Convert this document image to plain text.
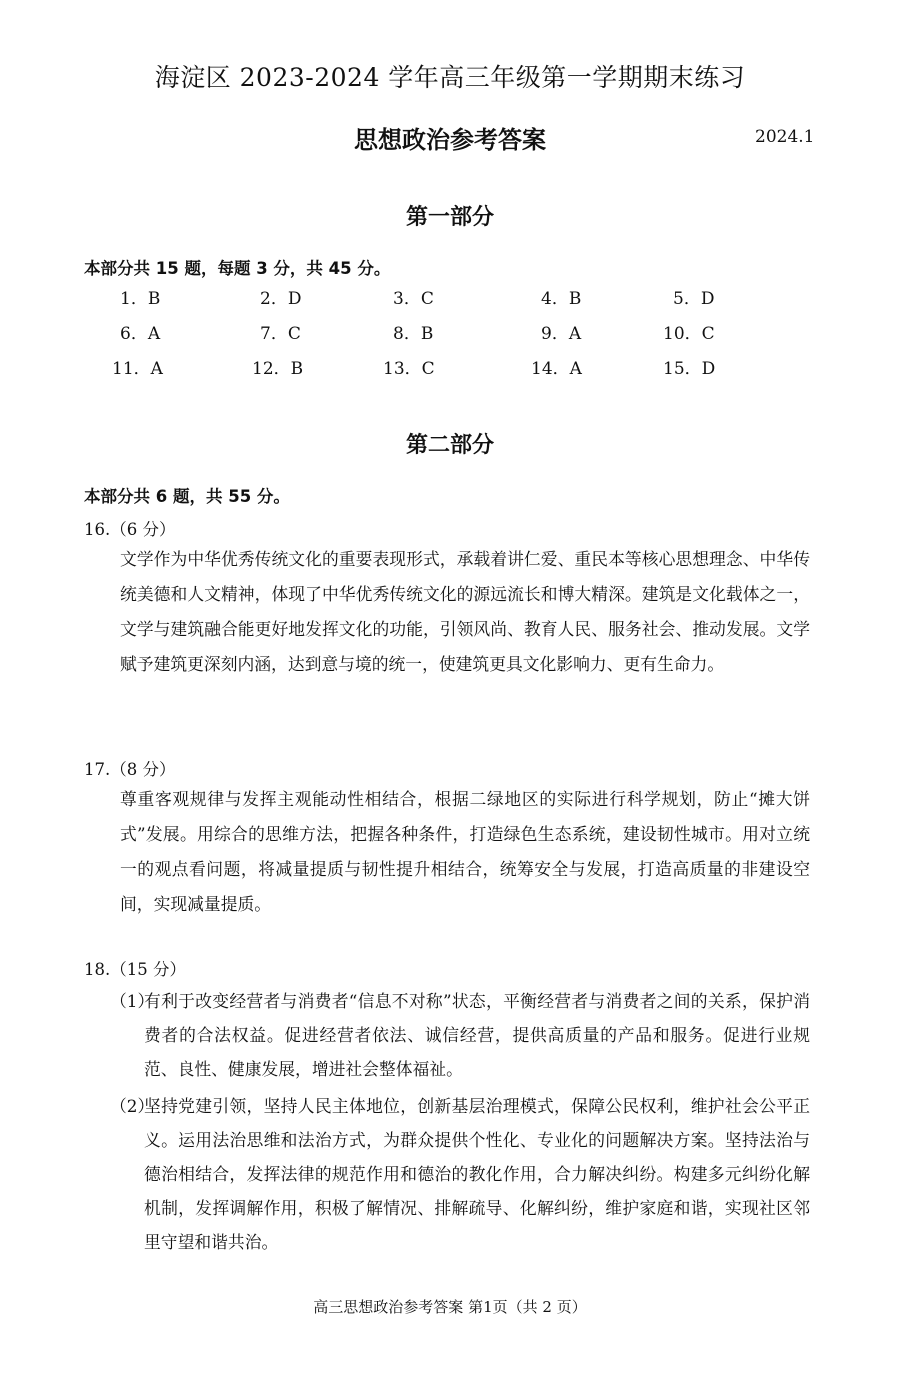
海淀区 2023-2024 学年高三年级第一学期期末练习
思想政治参考答案	2024.1
第一部分
本部分共 15 题，每题 3 分，共 45 分。
1．B	2．D	3．C	4．B	5．D
6．A	7．C	8．B	9．A	10．C
11．A	12．B	13．C	14．A	15．D
第二部分
本部分共 6 题，共 55 分。
16.（6 分）
文学作为中华优秀传统文化的重要表现形式，承载着讲仁爱、重民本等核心思想理念、中华传统美德和人文精神，体现了中华优秀传统文化的源远流长和博大精深。建筑是文化载体之一，文学与建筑融合能更好地发挥文化的功能，引领风尚、教育人民、服务社会、推动发展。文学赋予建筑更深刻内涵，达到意与境的统一，使建筑更具文化影响力、更有生命力。
17.（8 分）
尊重客观规律与发挥主观能动性相结合，根据二绿地区的实际进行科学规划，防止“摊大饼式”发展。用综合的思维方法，把握各种条件，打造绿色生态系统，建设韧性城市。用对立统一的观点看问题，将减量提质与韧性提升相结合，统筹安全与发展，打造高质量的非建设空间，实现减量提质。
18.（15 分）
（1）
有利于改变经营者与消费者“信息不对称”状态，平衡经营者与消费者之间的关系，保护消费者的合法权益。促进经营者依法、诚信经营，提供高质量的产品和服务。促进行业规范、良性、健康发展，增进社会整体福祉。
（2）
坚持党建引领，坚持人民主体地位，创新基层治理模式，保障公民权利，维护社会公平正义。运用法治思维和法治方式，为群众提供个性化、专业化的问题解决方案。坚持法治与德治相结合，发挥法律的规范作用和德治的教化作用，合力解决纠纷。构建多元纠纷化解机制，发挥调解作用，积极了解情况、排解疏导、化解纠纷，维护家庭和谐，实现社区邻里守望和谐共治。
高三思想政治参考答案 第1页（共 2 页）
